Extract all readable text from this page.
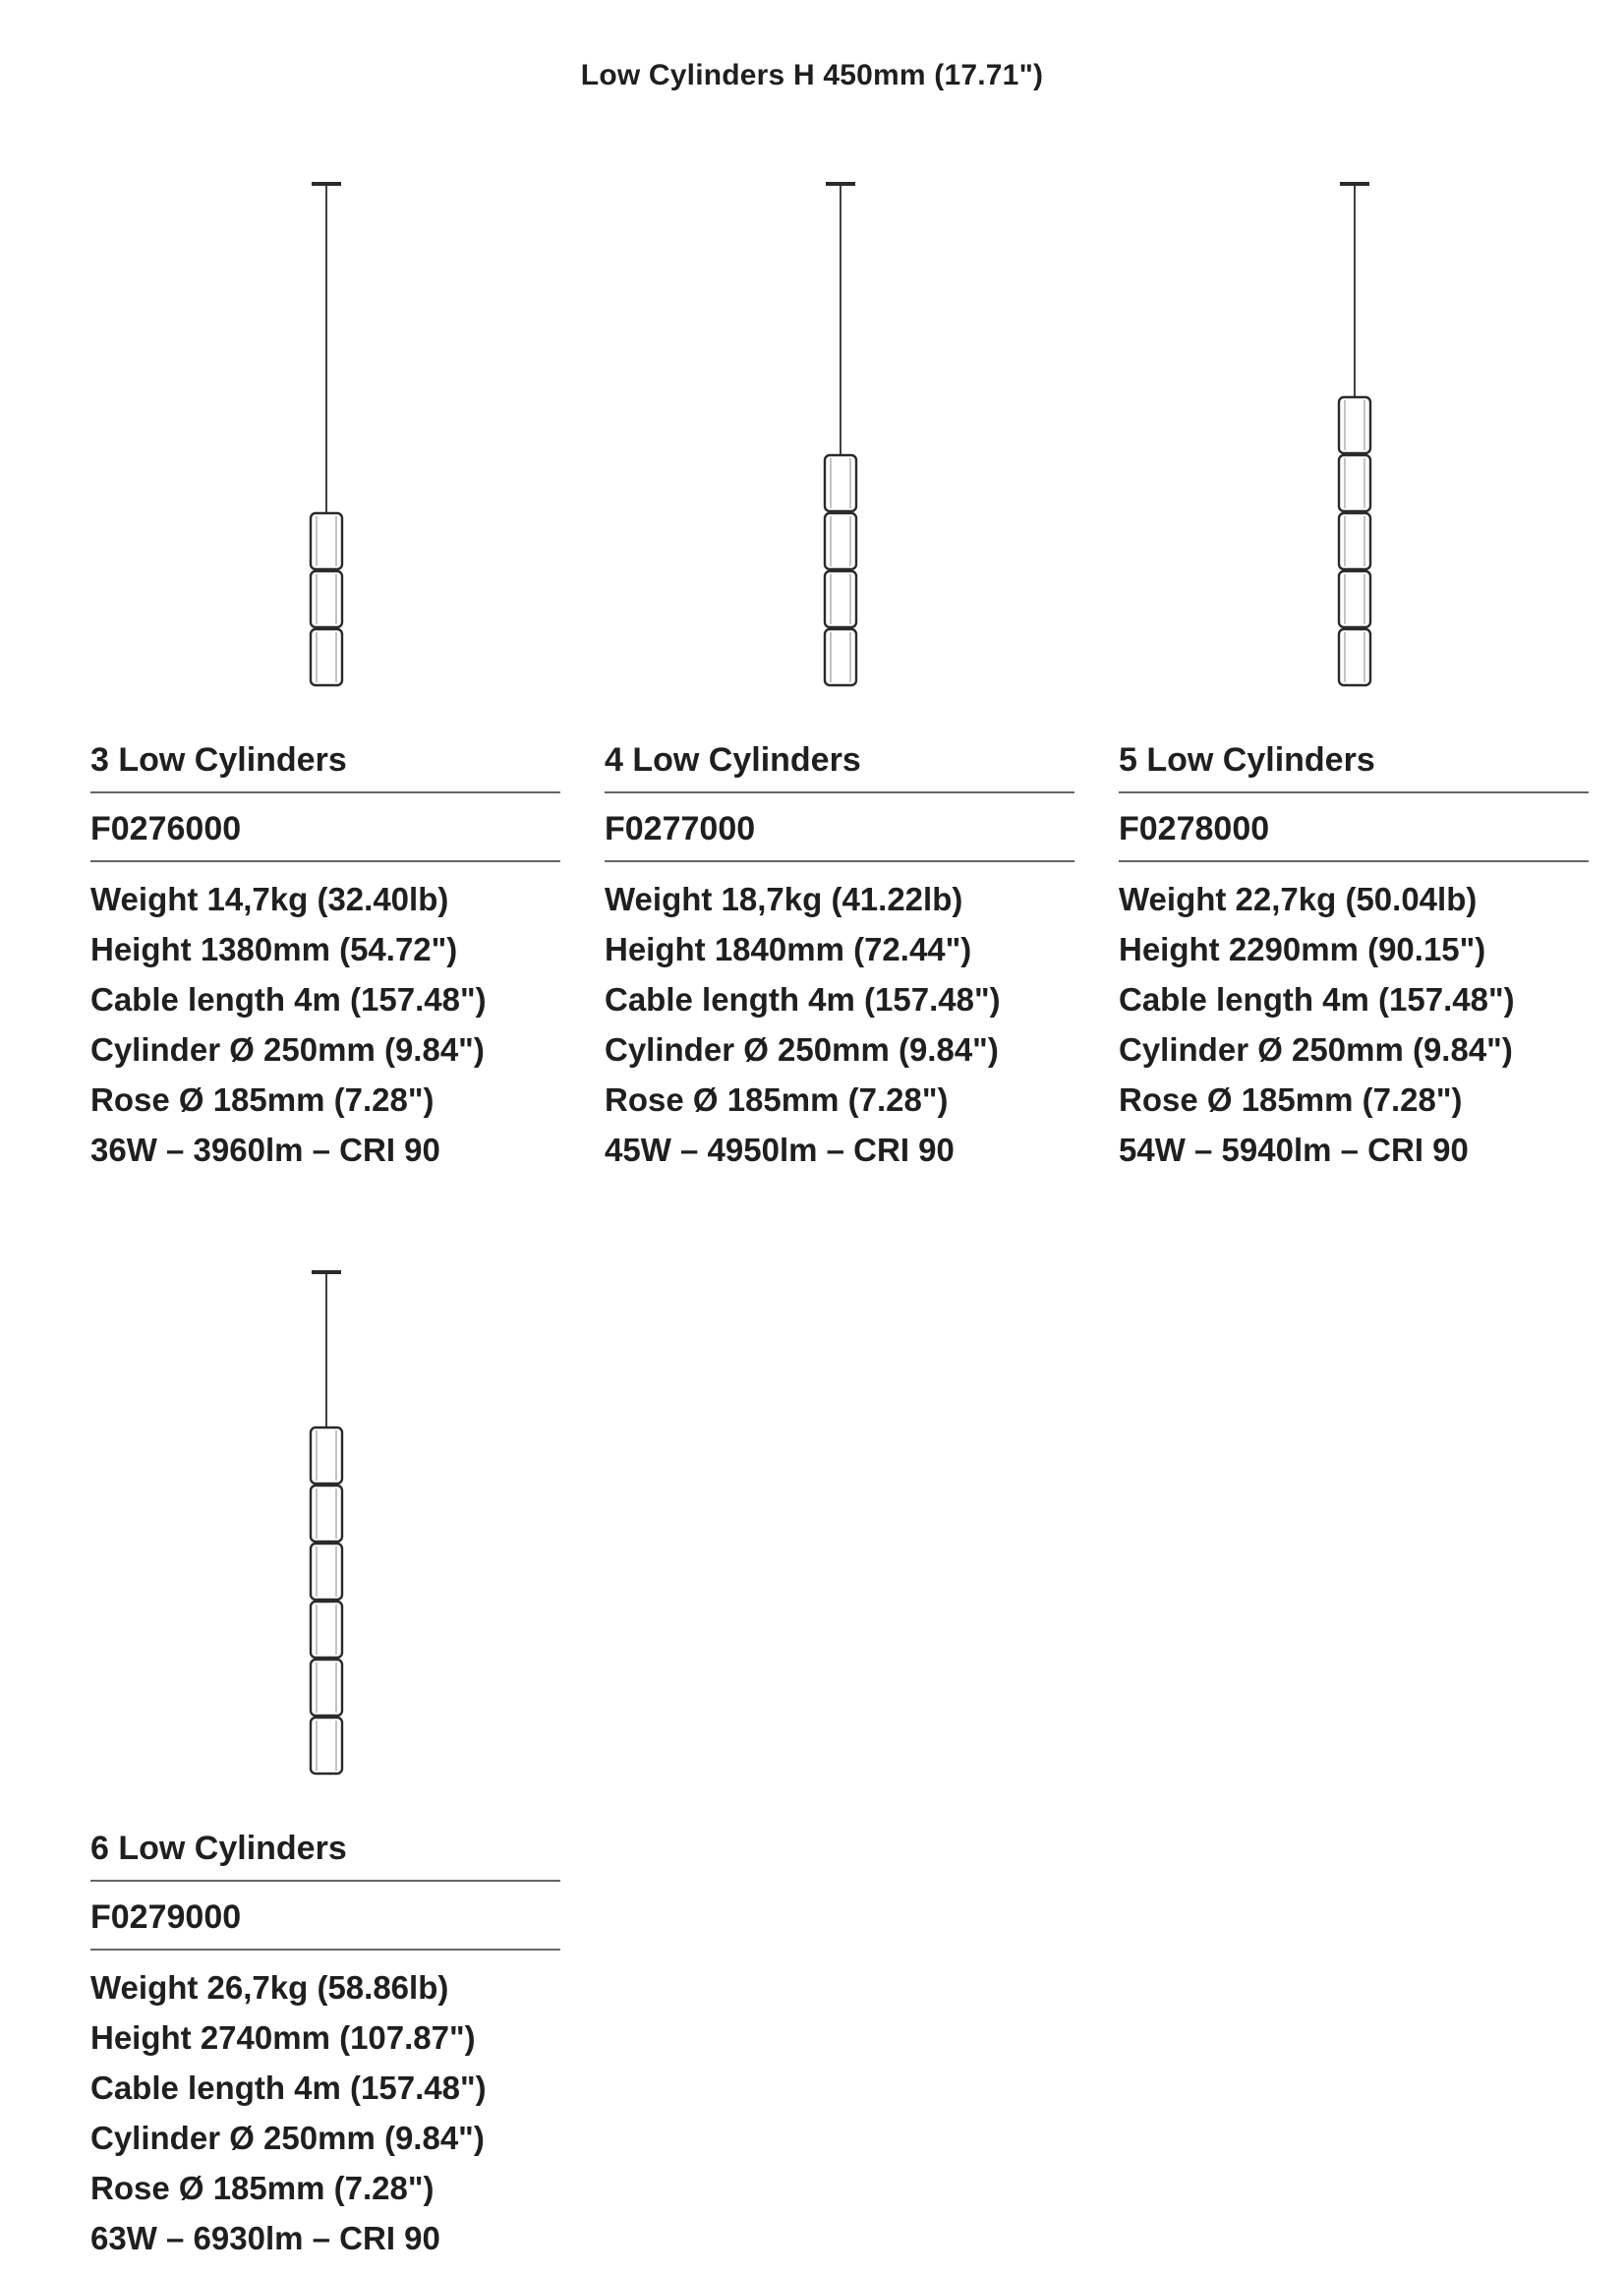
Low Cylinders H 450mm (17.71")
3 Low Cylinders
F0276000
Weight 14,7kg (32.40lb)
Height 1380mm (54.72")
Cable length 4m (157.48")
Cylinder Ø 250mm (9.84")
Rose Ø 185mm (7.28")
36W – 3960lm – CRI 90
4 Low Cylinders
F0277000
Weight 18,7kg (41.22lb)
Height 1840mm (72.44")
Cable length 4m (157.48")
Cylinder Ø 250mm (9.84")
Rose Ø 185mm (7.28")
45W – 4950lm – CRI 90
5 Low Cylinders
F0278000
Weight 22,7kg (50.04lb)
Height 2290mm (90.15")
Cable length 4m (157.48")
Cylinder Ø 250mm (9.84")
Rose Ø 185mm (7.28")
54W – 5940lm – CRI 90
6 Low Cylinders
F0279000
Weight 26,7kg (58.86lb)
Height 2740mm (107.87")
Cable length 4m (157.48")
Cylinder Ø 250mm (9.84")
Rose Ø 185mm (7.28")
63W – 6930lm – CRI 90
